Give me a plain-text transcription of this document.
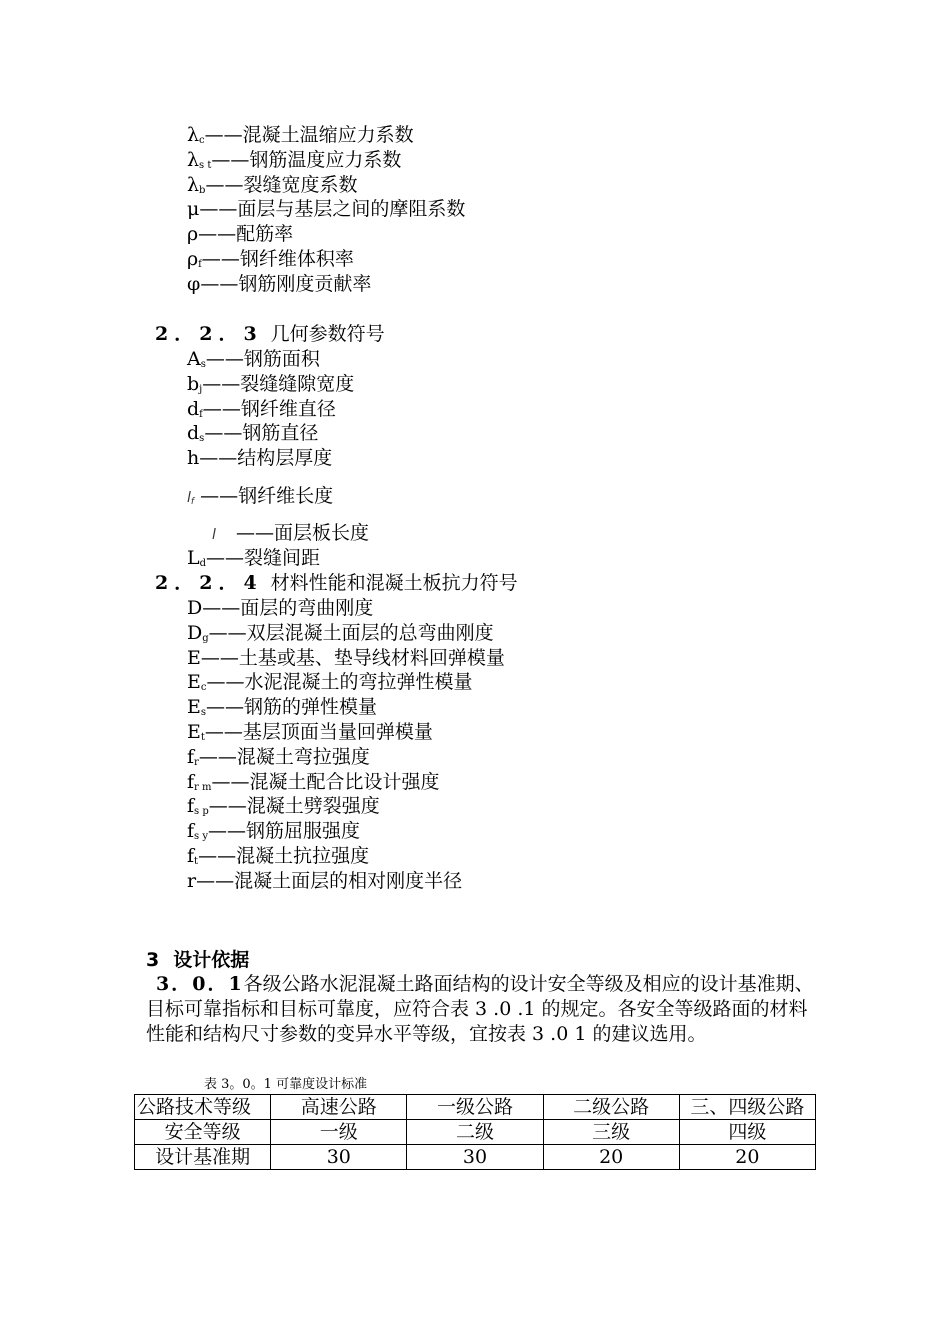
$\lambda_c——$混凝土温缩应力系数
$\lambda_{s t}——$钢筋温度应力系数
$\lambda_b——$裂缝宽度系数
μ——面层与基层之间的摩阻系数
ρ——配筋率
$\rho_f——$钢纤维体积率
φ——钢筋刚度贡献率
2．2．3 几何参数符号
$A_s——$钢筋面积
$b_j——$裂缝缝隙宽度
$d_f——$钢纤维直径
$d_s——$钢筋直径
h——结构层厚度
$l_f$ ——钢纤维长度
l ——面层板长度
$L_d——$裂缝间距
2．2．4 材料性能和混凝土板抗力符号
D——面层的弯曲刚度
$D_g——$双层混凝土面层的总弯曲刚度
E——土基或基、垫导线材料回弹模量
$E_c——$水泥混凝土的弯拉弹性模量
$E_s——$钢筋的弹性模量
$E_t——$基层顶面当量回弹模量
$f_r——$混凝土弯拉强度
$f_{r m}——$混凝土配合比设计强度
$f_{s p}——$混凝土劈裂强度
$f_{s y}——$钢筋屈服强度
$f_t——$混凝土抗拉强度
r——混凝土面层的相对刚度半径
3 设计依据
3．0．1各级公路水泥混凝土路面结构的设计安全等级及相应的设计基准期、目标可靠指标和目标可靠度，应符合表 3 .0 .1 的规定。各安全等级路面的材料性能和结构尺寸参数的变异水平等级，宜按表 3 .0 1 的建议选用。
表 3。0。1 可靠度设计标准
公路技术等级	高速公路	一级公路	二级公路	三、四级公路
安全等级	一级	二级	三级	四级
设计基准期	30	30	20	20
